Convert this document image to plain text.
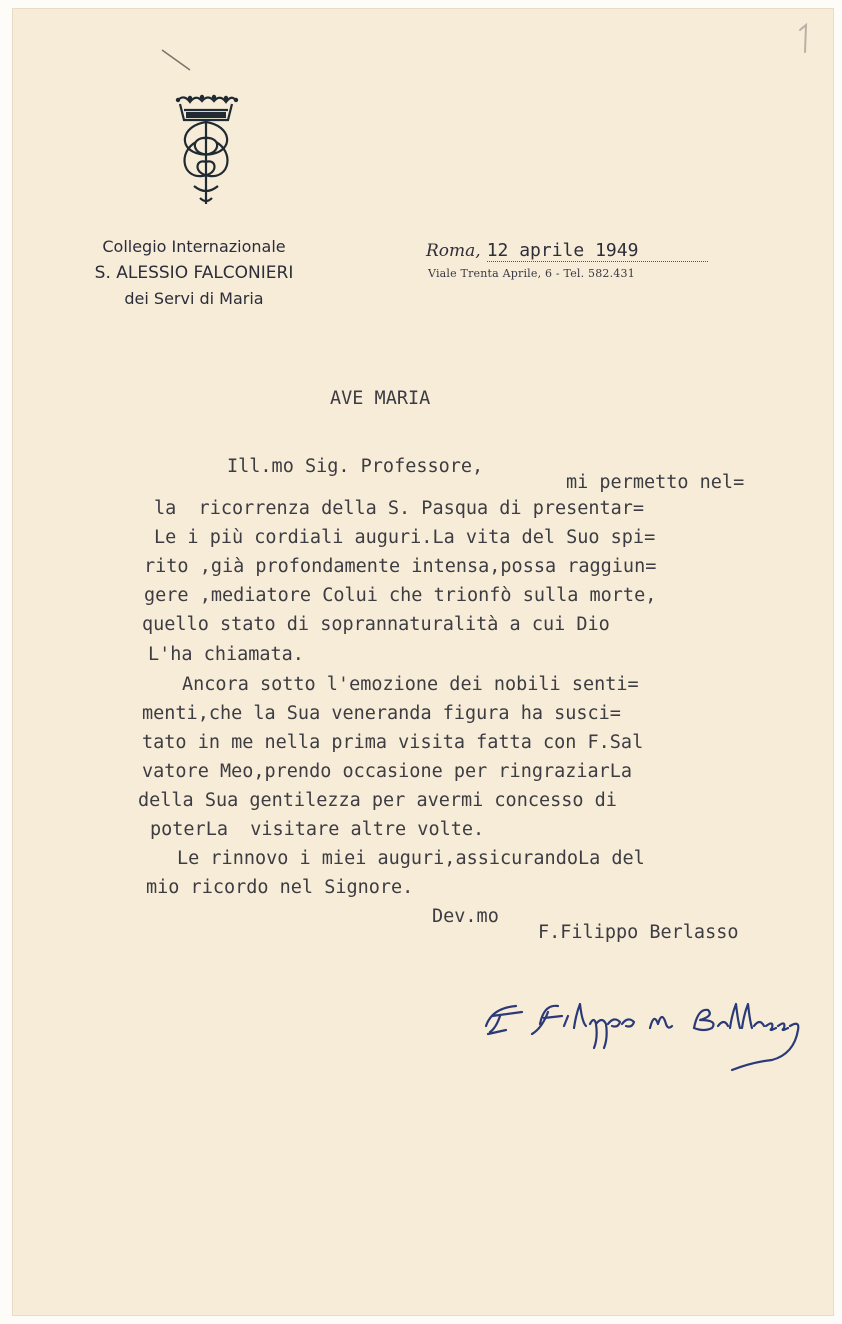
Collegio Internazionale
S. ALESSIO FALCONIERI
dei Servi di Maria
Roma, 12 aprile 1949
Viale Trenta Aprile, 6 - Tel. 582.431
AVE MARIA
Ill.mo Sig. Professore,
mi permetto nel=
la  ricorrenza della S. Pasqua di presentar=
Le i più cordiali auguri.La vita del Suo spi=
rito ,già profondamente intensa,possa raggiun=
gere ,mediatore Colui che trionfò sulla morte,
quello stato di soprannaturalità a cui Dio
L'ha chiamata.
Ancora sotto l'emozione dei nobili senti=
menti,che la Sua veneranda figura ha susci=
tato in me nella prima visita fatta con F.Sal
vatore Meo,prendo occasione per ringraziarLa
della Sua gentilezza per avermi concesso di
poterLa  visitare altre volte.
Le rinnovo i miei auguri,assicurandoLa del
mio ricordo nel Signore.
Dev.mo
F.Filippo Berlasso
